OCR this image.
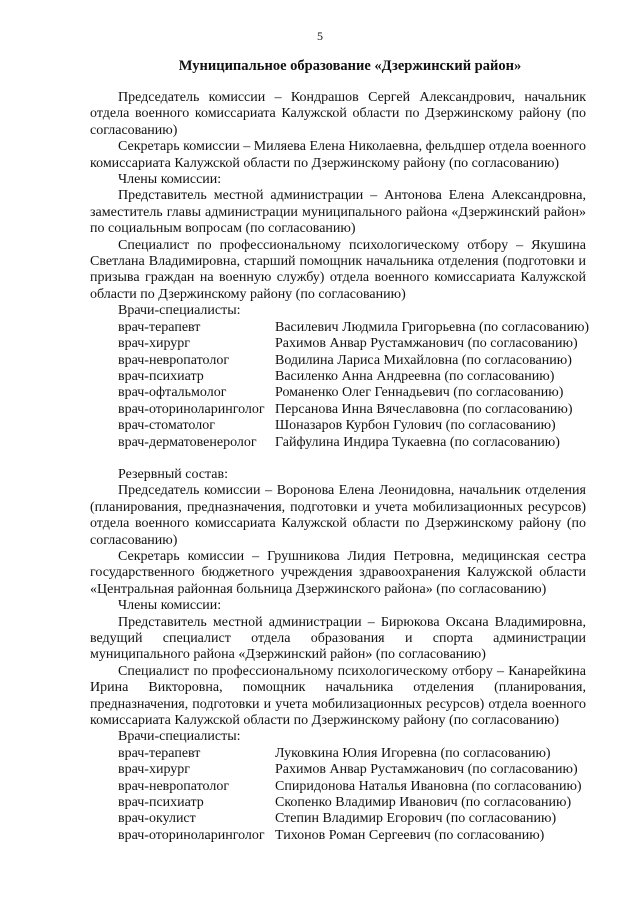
5
Муниципальное образование «Дзержинский район»

Председатель комиссии – Кондрашов Сергей Александрович, начальник отдела военного комиссариата Калужской области по Дзержинскому району (по согласованию)

Секретарь комиссии – Миляева Елена Николаевна, фельдшер отдела военного комиссариата Калужской области по Дзержинскому району (по согласованию)

Члены комиссии:

Представитель местной администрации – Антонова Елена Александровна, заместитель главы администрации муниципального района «Дзержинский район» по социальным вопросам (по согласованию)

Специалист по профессиональному психологическому отбору – Якушина Светлана Владимировна, старший помощник начальника отделения (подготовки и призыва граждан на военную службу) отдела военного комиссариата Калужской области по Дзержинскому району (по согласованию)

Врачи-специалисты:
врач-терапевт	Василевич Людмила Григорьевна (по согласованию)
врач-хирург	Рахимов Анвар Рустамжанович (по согласованию)
врач-невропатолог	Водилина Лариса Михайловна (по согласованию)
врач-психиатр	Василенко Анна Андреевна (по согласованию)
врач-офтальмолог	Романенко Олег Геннадьевич (по согласованию)
врач-оториноларинголог Персанова Инна Вячеславовна (по согласованию)
врач-стоматолог	Шоназаров Курбон Гулович (по согласованию)
врач-дерматовенеролог	Гайфулина Индира Тукаевна (по согласованию)
Резервный состав:

Председатель комиссии – Воронова Елена Леонидовна, начальник отделения (планирования, предназначения, подготовки и учета мобилизационных ресурсов) отдела военного комиссариата Калужской области по Дзержинскому району (по согласованию)

Секретарь комиссии – Грушникова Лидия Петровна, медицинская сестра государственного бюджетного учреждения здравоохранения Калужской области «Центральная районная больница Дзержинского района» (по согласованию)

Члены комиссии:

Представитель местной администрации – Бирюкова Оксана Владимировна, ведущий специалист отдела образования и спорта администрации муниципального района «Дзержинский район» (по согласованию)

Специалист по профессиональному психологическому отбору – Канарейкина Ирина Викторовна, помощник начальника отделения (планирования, предназначения, подготовки и учета мобилизационных ресурсов) отдела военного комиссариата Калужской области по Дзержинскому району (по согласованию)

Врачи-специалисты:
врач-терапевт	Луковкина Юлия Игоревна (по согласованию)
врач-хирург	Рахимов Анвар Рустамжанович (по согласованию)
врач-невропатолог	Спиридонова Наталья Ивановна (по согласованию)
врач-психиатр	Скопенко Владимир Иванович (по согласованию)
врач-окулист	Степин Владимир Егорович (по согласованию)
врач-оториноларинголог Тихонов Роман Сергеевич (по согласованию)
